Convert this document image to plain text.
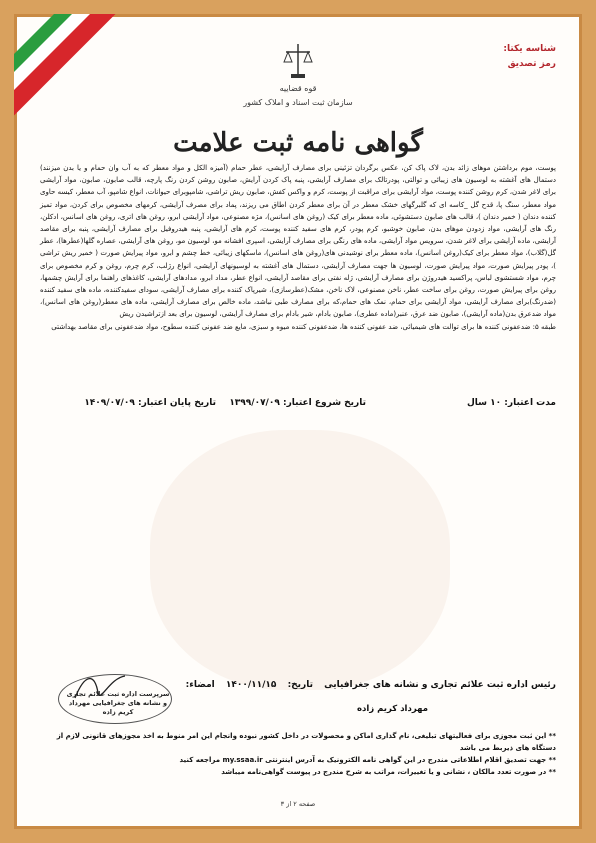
شناسه یکتا:
رمز تصدیق
قوه قضاییه
سازمان ثبت اسناد و املاک کشور
گواهی نامه ثبت علامت
پوست، موم برداشتن موهای زائد بدن، لاک پاک کن، عکس برگردان تزئینی برای مصارف آرایشی، عطر حمام (آمیزه الکل و مواد معطر که به آب وان حمام و یا بدن میزنند) دستمال های آغشته به لوسیون های زیبائی و توالتی، پودرتالک برای مصارف آرایشی، پنبه پاک کردن آرایش، صابون روشن کردن رنگ پارچه، قالب صابون، صابون، مواد آرایشی برای لاغر شدن، کرم روشن کننده پوست، مواد آرایشی برای مراقبت از پوست، کرم و واکس کفش، صابون ریش تراشی، شامپوبرای حیوانات، انواع شامپو، آب معطر، کیسه حاوی مواد معطر، سنگ پا، قدح گل _کاسه ای که گلبرگهای خشک معطر در آن برای معطر کردن اطاق می ریزند، پماد برای مصرف آرایشی، کرمهای مخصوص برای کردن، مواد تمیز کننده دندان ( خمیر دندان )، قالب های صابون دستشوئی، ماده معطر برای کیک (روغن های اسانس)، مژه مصنوعی، مواد آرایشی ابرو، روغن های اتری، روغن های اسانس، ادکلن، رنگ های آرایشی، مواد زدودن موهای بدن، صابون خوشبو، کرم پودر، کرم های سفید کننده پوست، کرم های آرایشی، پنبه هیدروفیل برای مصارف آرایشی، پنبه برای مقاصد آرایشی، ماده آرایشی برای لاغر شدن، سرویس مواد آرایشی، ماده های رنگی برای مصارف آرایشی، اسپری افشانه مو، لوسیون مو، روغن های آرایشی، عصاره گلها(عطرها)، عطر گل(گلاب)، مواد معطر برای کیک(روغن اسانس)، ماده معطر برای نوشیدنی های(روغن های اسانس)، ماسکهای زیبائی، خط چشم و ابرو، مواد پیرایش صورت ( خمیر ریش تراشی )، پودر پیرایش صورت، مواد پیرایش صورت، لوسیون ها جهت مصارف آرایشی، دستمال های آغشته به لوسیونهای آرایشی، انواع رژلب، کرم چرم، روغن و کرم مخصوص برای چرم، مواد شستشوی لباس، پراکسید هیدروژن برای مصارف آرایشی، ژله نفتی برای مقاصد آرایشی، انواع عطر، مداد ابرو، مدادهای آرایشی، کاغذهای راهنما برای آرایش چشمها، روغن برای پیرایش صورت، روغن برای ساخت عطر، ناخن مصنوعی، لاک ناخن، مشک(عطرسازی)، شیرپاک کننده برای مصارف آرایشی، سودای سفیدکننده، ماده های سفید کننده (ضدرنگ)برای مصارف آرایشی، مواد آرایشی برای حمام، نمک های حمام،که برای مصارف طبی نباشد، ماده خالص برای مصارف آرایشی، ماده های معطر(روغن های اسانس)، مواد ضدعرق بدن(ماده آرایشی)، صابون ضد عرق، عنبر(ماده عطری)، صابون بادام، شیر بادام برای مصارف آرایشی، لوسیون برای بعد ازتراشیدن ریش
طبقه ۵: ضدعفونی کننده ها برای توالت های شیمیائی، ضد عفونی کننده ها، ضدعفونی کننده میوه و سبزی، مایع ضد عفونی کننده سطوح، مواد ضدعفونی برای مقاصد بهداشتی
مدت اعتبار: ۱۰ سال
تاریخ شروع اعتبار: ۱۳۹۹/۰۷/۰۹
تاریخ پایان اعتبار: ۱۴۰۹/۰۷/۰۹
رئیس اداره ثبت علائم تجاری و نشانه های جغرافیایی تاریخ: ۱۴۰۰/۱۱/۱۵ امضاء:
مهرداد کریم زاده
سرپرست اداره ثبت علائم تجاری و نشانه های جغرافیایی مهرداد کریم زاده

** این ثبت مجوزی برای فعالیتهای تبلیغی، نام گذاری اماکن و محصولات در داخل کشور نبوده وانجام این امر منوط به اخذ مجوزهای قانونی لازم از دستگاه های ذیربط می باشد

** جهت تصدیق اقلام اطلاعاتی مندرج در این گواهی نامه الکترونیک به آدرس اینترنتی my.ssaa.ir مراجعه کنید

** در صورت تعدد مالکان ، نشانی و یا تغییرات، مراتب به شرح مندرج در پیوست گواهی‌نامه میباشد

صفحه ۲ از ۳
